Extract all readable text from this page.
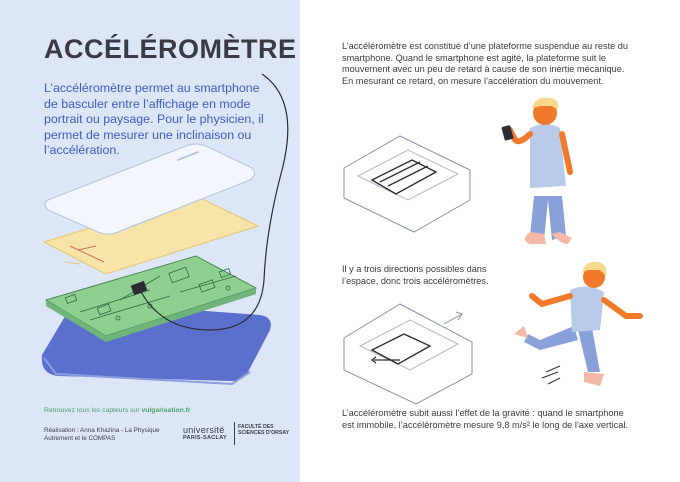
ACCÉLÉROMÈTRE
L’accéléromètre permet au smartphone de basculer entre l’affichage en mode portrait ou paysage. Pour le physicien, il permet de mesurer une inclinaison ou l’accélération.
Retrouvez tous les capteurs sur vulgarisation.fr
Réalisation : Anna Khazina - La Physique Autrement et le COMPAS
université
PARIS-SACLAY
FACULTÉ DES SCIENCES D’ORSAY
L’accéléromètre est constitué d’une plateforme suspendue au reste du smartphone. Quand le smartphone est agité, la plateforme suit le mouvement avec un peu de retard à cause de son inertie mécanique. En mesurant ce retard, on mesure l’accélération du mouvement.
Il y a trois directions possibles dans l’espace, donc trois accéléromètres.
L’accéléromètre subit aussi l’effet de la gravité : quand le smartphone est immobile, l’accéléromètre mesure 9,8 m/s² le long de l’axe vertical.
